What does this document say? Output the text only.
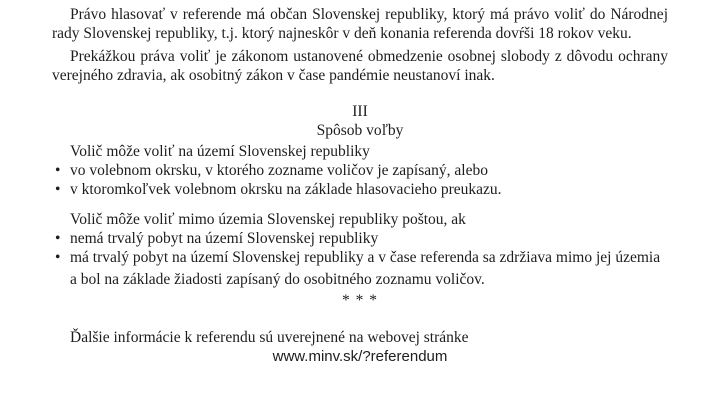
Právo hlasovať v referende má občan Slovenskej republiky, ktorý má právo voliť do Národnej rady Slovenskej republiky, t.j. ktorý najneskôr v deň konania referenda dovŕši 18 rokov veku.

Prekážkou práva voliť je zákonom ustanovené obmedzenie osobnej slobody z dôvodu ochrany verejného zdravia, ak osobitný zákon v čase pandémie neustanoví inak.

III
Spôsob voľby

Volič môže voliť na území Slovenskej republiky

• vo volebnom okrsku, v ktorého zozname voličov je zapísaný, alebo
• v ktoromkoľvek volebnom okrsku na základe hlasovacieho preukazu.

Volič môže voliť mimo územia Slovenskej republiky poštou, ak

• nemá trvalý pobyt na území Slovenskej republiky
• má trvalý pobyt na území Slovenskej republiky a v čase referenda sa zdržiava mimo jej územia

a bol na základe žiadosti zapísaný do osobitného zoznamu voličov.

* * *

Ďalšie informácie k referendu sú uverejnené na webovej stránke

www.minv.sk/?referendum
